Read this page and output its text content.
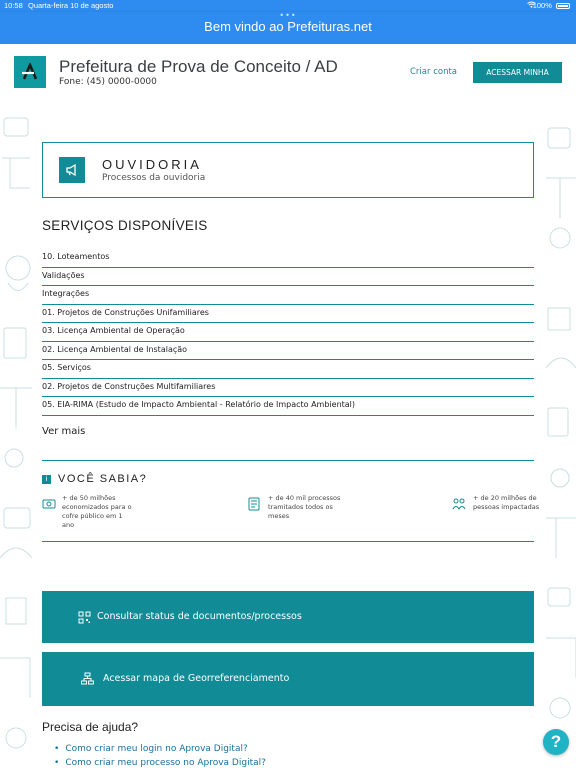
10:58 Quarta-feira 10 de agosto	100%
•••
Bem vindo ao Prefeituras.net
Prefeitura de Prova de Conceito / AD
Fone: (45) 0000-0000
Criar conta	ACESSAR MINHA CONTA
OUVIDORIA
Processos da ouvidoria
SERVIÇOS DISPONÍVEIS
10. Loteamentos
Validações
Integrações
01. Projetos de Construções Unifamiliares
03. Licença Ambiental de Operação
02. Licença Ambiental de Instalação
05. Serviços
02. Projetos de Construções Multifamiliares
05. EIA-RIMA (Estudo de Impacto Ambiental - Relatório de Impacto Ambiental)
Ver mais
i VOCÊ SABIA?
+ de 50 milhões
economizados para o
cofre público em 1
ano
+ de 40 mil processos
tramitados todos os
meses
+ de 20 milhões de
pessoas impactadas
Consultar status de documentos/processos
Acessar mapa de Georreferenciamento
Precisa de ajuda?
• Como criar meu login no Aprova Digital?
• Como criar meu processo no Aprova Digital?
?
